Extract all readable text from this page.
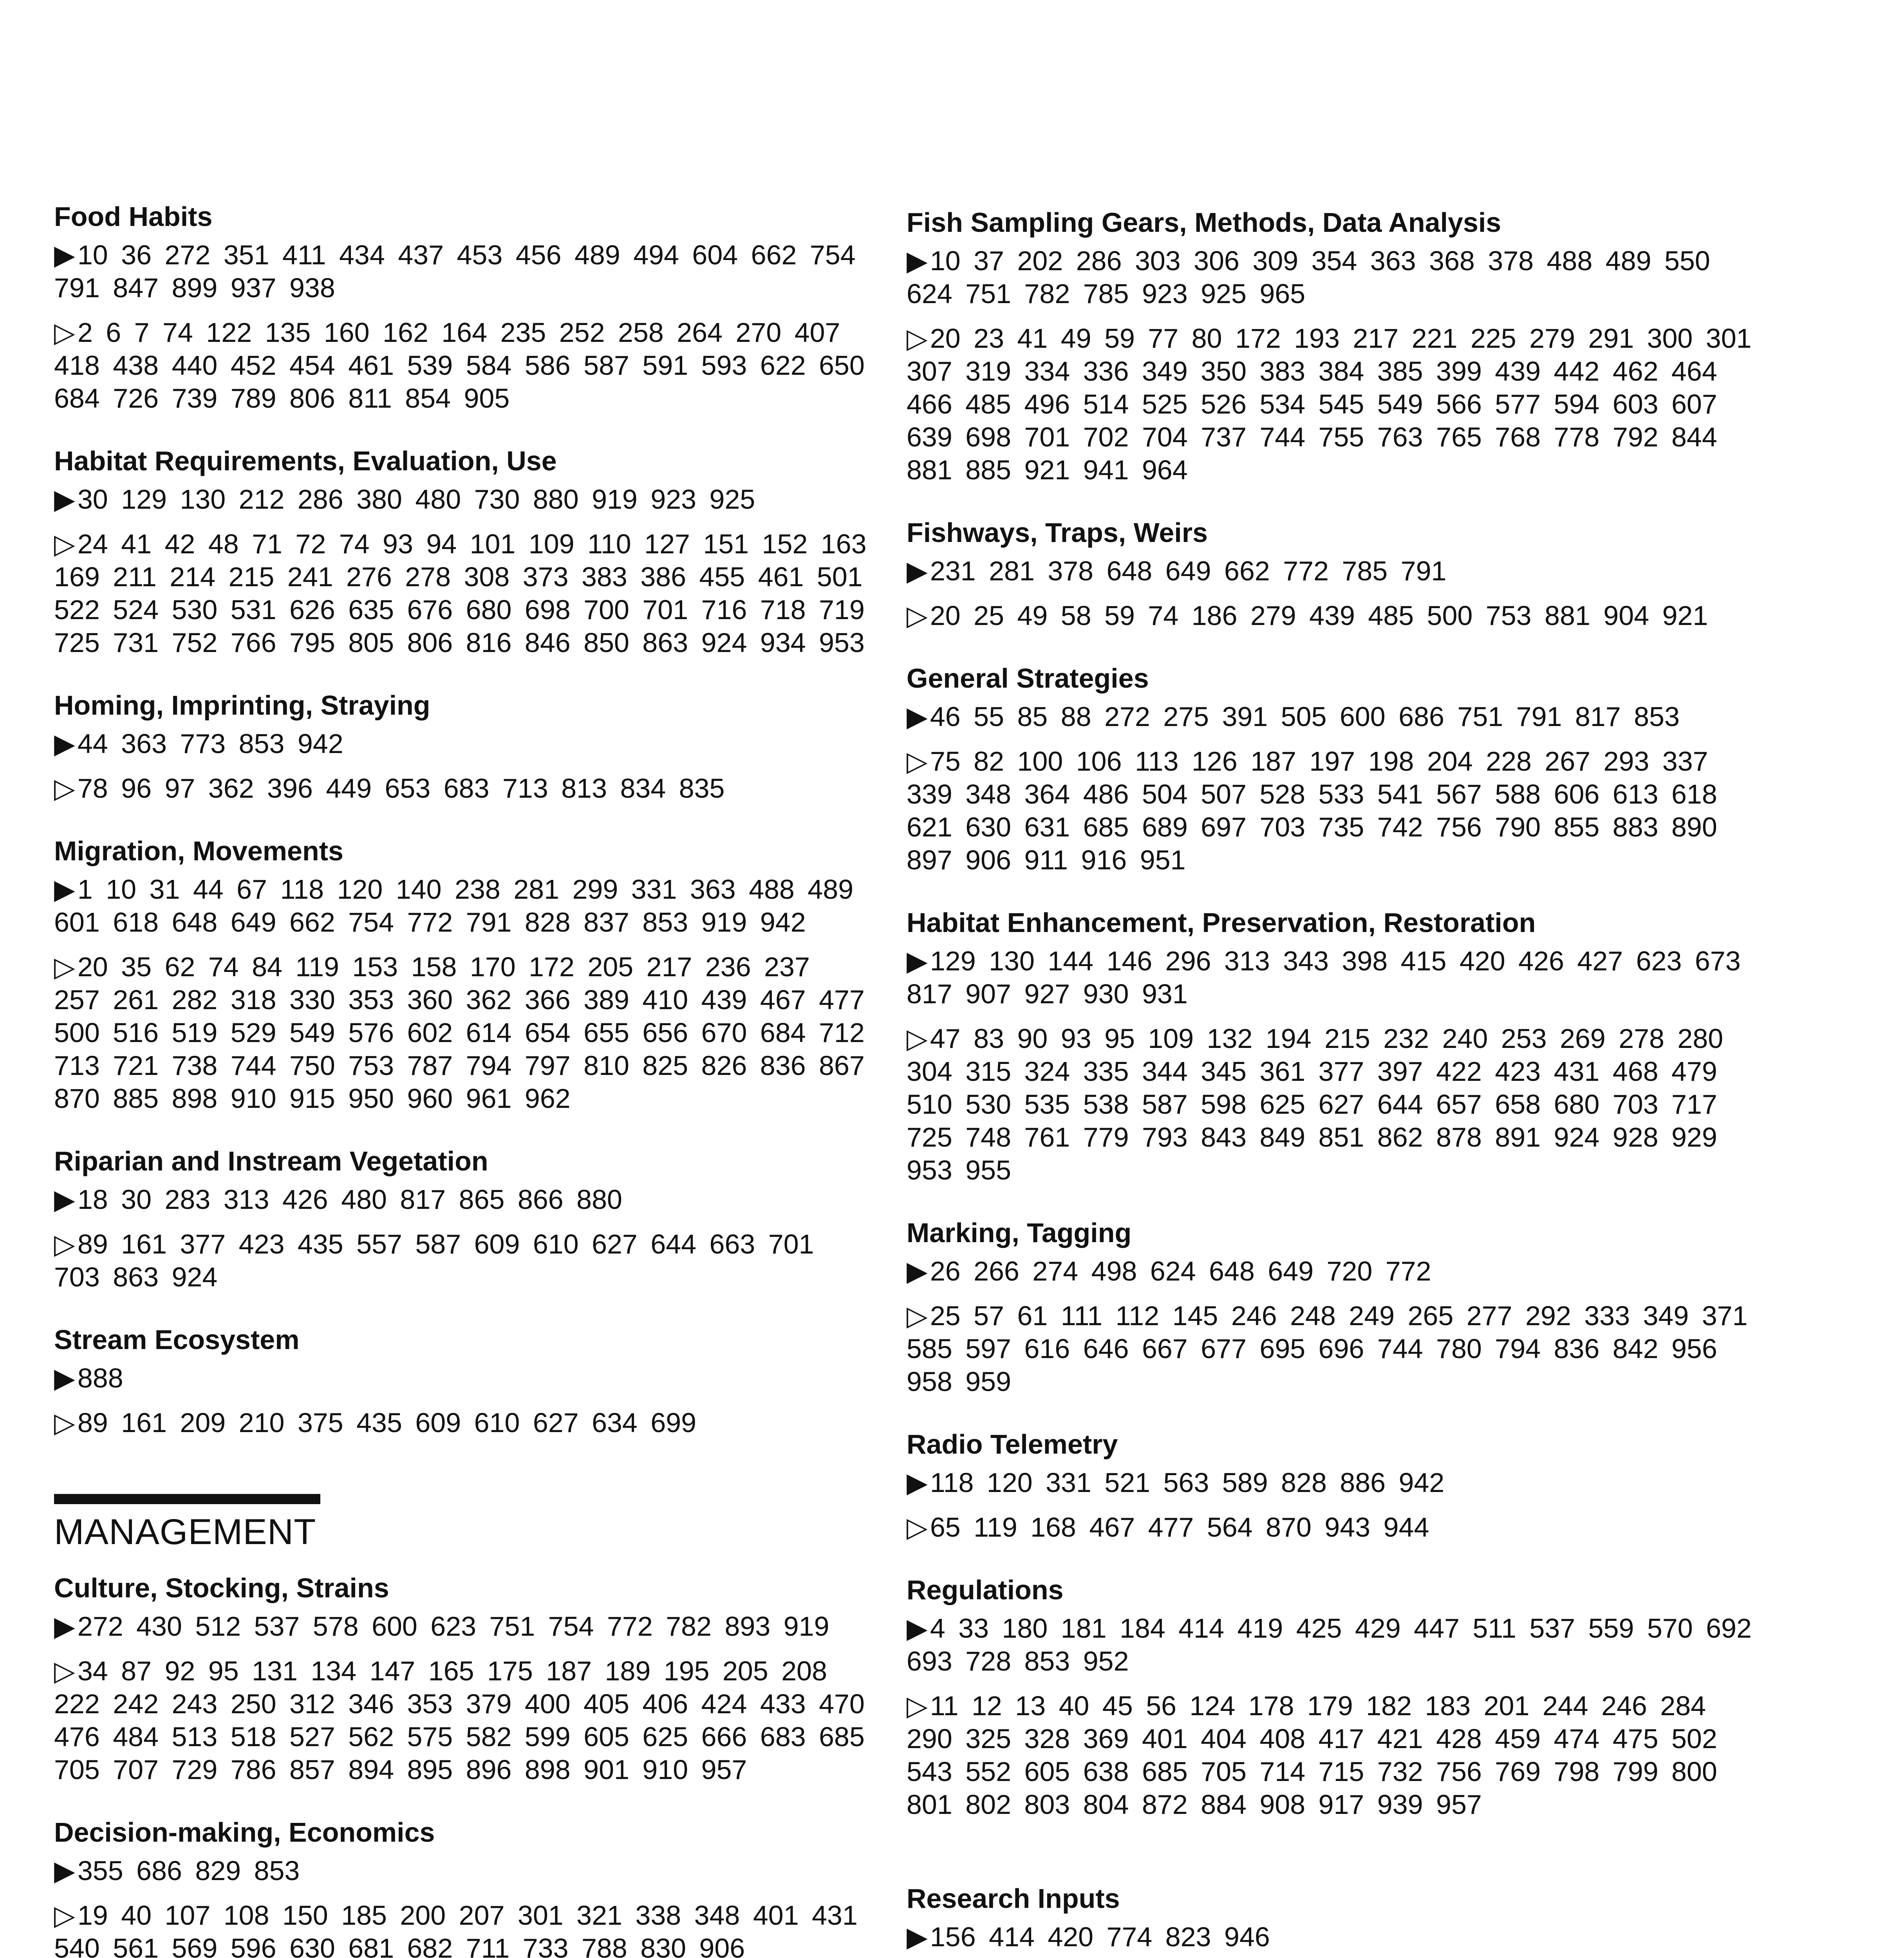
Food Habits
▶10 36 272 351 411 434 437 453 456 489 494 604 662 754 791 847 899 937 938
▷2 6 7 74 122 135 160 162 164 235 252 258 264 270 407 418 438 440 452 454 461 539 584 586 587 591 593 622 650 684 726 739 789 806 811 854 905
Habitat Requirements, Evaluation, Use
▶30 129 130 212 286 380 480 730 880 919 923 925
▷24 41 42 48 71 72 74 93 94 101 109 110 127 151 152 163 169 211 214 215 241 276 278 308 373 383 386 455 461 501 522 524 530 531 626 635 676 680 698 700 701 716 718 719 725 731 752 766 795 805 806 816 846 850 863 924 934 953
Homing, Imprinting, Straying
▶44 363 773 853 942
▷78 96 97 362 396 449 653 683 713 813 834 835
Migration, Movements
▶1 10 31 44 67 118 120 140 238 281 299 331 363 488 489 601 618 648 649 662 754 772 791 828 837 853 919 942
▷20 35 62 74 84 119 153 158 170 172 205 217 236 237 257 261 282 318 330 353 360 362 366 389 410 439 467 477 500 516 519 529 549 576 602 614 654 655 656 670 684 712 713 721 738 744 750 753 787 794 797 810 825 826 836 867 870 885 898 910 915 950 960 961 962
Riparian and Instream Vegetation
▶18 30 283 313 426 480 817 865 866 880
▷89 161 377 423 435 557 587 609 610 627 644 663 701 703 863 924
Stream Ecosystem
▶888
▷89 161 209 210 375 435 609 610 627 634 699
MANAGEMENT
Culture, Stocking, Strains
▶272 430 512 537 578 600 623 751 754 772 782 893 919
▷34 87 92 95 131 134 147 165 175 187 189 195 205 208 222 242 243 250 312 346 353 379 400 405 406 424 433 470 476 484 513 518 527 562 575 582 599 605 625 666 683 685 705 707 729 786 857 894 895 896 898 901 910 957
Decision-making, Economics
▶355 686 829 853
▷19 40 107 108 150 185 200 207 301 321 338 348 401 431 540 561 569 596 630 681 682 711 733 788 830 906
Fish Sampling Gears, Methods, Data Analysis
▶10 37 202 286 303 306 309 354 363 368 378 488 489 550 624 751 782 785 923 925 965
▷20 23 41 49 59 77 80 172 193 217 221 225 279 291 300 301 307 319 334 336 349 350 383 384 385 399 439 442 462 464 466 485 496 514 525 526 534 545 549 566 577 594 603 607 639 698 701 702 704 737 744 755 763 765 768 778 792 844 881 885 921 941 964
Fishways, Traps, Weirs
▶231 281 378 648 649 662 772 785 791
▷20 25 49 58 59 74 186 279 439 485 500 753 881 904 921
General Strategies
▶46 55 85 88 272 275 391 505 600 686 751 791 817 853
▷75 82 100 106 113 126 187 197 198 204 228 267 293 337 339 348 364 486 504 507 528 533 541 567 588 606 613 618 621 630 631 685 689 697 703 735 742 756 790 855 883 890 897 906 911 916 951
Habitat Enhancement, Preservation, Restoration
▶129 130 144 146 296 313 343 398 415 420 426 427 623 673 817 907 927 930 931
▷47 83 90 93 95 109 132 194 215 232 240 253 269 278 280 304 315 324 335 344 345 361 377 397 422 423 431 468 479 510 530 535 538 587 598 625 627 644 657 658 680 703 717 725 748 761 779 793 843 849 851 862 878 891 924 928 929 953 955
Marking, Tagging
▶26 266 274 498 624 648 649 720 772
▷25 57 61 111 112 145 246 248 249 265 277 292 333 349 371 585 597 616 646 667 677 695 696 744 780 794 836 842 956 958 959
Radio Telemetry
▶118 120 331 521 563 589 828 886 942
▷65 119 168 467 477 564 870 943 944
Regulations
▶4 33 180 181 184 414 419 425 429 447 511 537 559 570 692 693 728 853 952
▷11 12 13 40 45 56 124 178 179 182 183 201 244 246 284 290 325 328 369 401 404 408 417 421 428 459 474 475 502 543 552 605 638 685 705 714 715 732 756 769 798 799 800 801 802 803 804 872 884 908 917 939 957
Research Inputs
▶156 414 420 774 823 946
